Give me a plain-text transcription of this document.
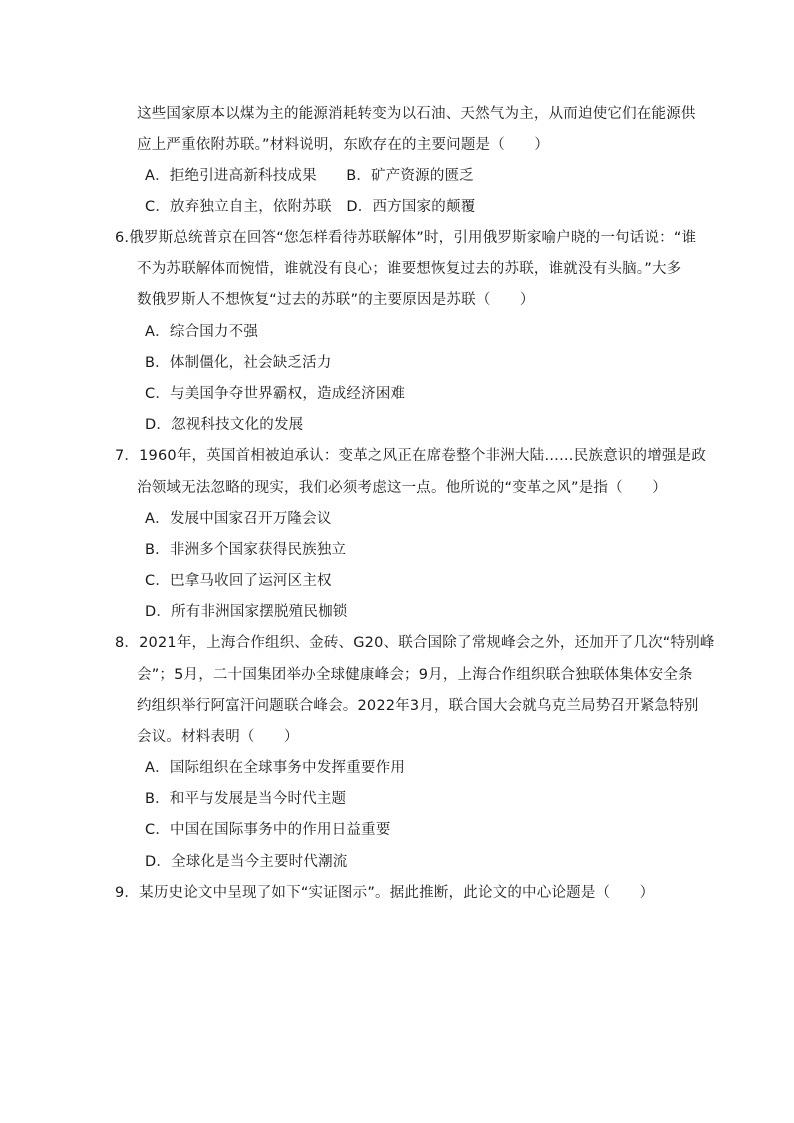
这些国家原本以煤为主的能源消耗转变为以石油、天然气为主，从而迫使它们在能源供
应上严重依附苏联。”材料说明，东欧存在的主要问题是（　　）
A．拒绝引进高新科技成果　　B．矿产资源的匮乏
C．放弃独立自主，依附苏联　D．西方国家的颠覆
6.俄罗斯总统普京在回答“您怎样看待苏联解体”时，引用俄罗斯家喻户晓的一句话说：“谁
不为苏联解体而惋惜，谁就没有良心；谁要想恢复过去的苏联，谁就没有头脑。”大多
数俄罗斯人不想恢复“过去的苏联”的主要原因是苏联（　　）
A．综合国力不强
B．体制僵化，社会缺乏活力
C．与美国争夺世界霸权，造成经济困难
D．忽视科技文化的发展
7．1960年，英国首相被迫承认：变革之风正在席卷整个非洲大陆……民族意识的增强是政
治领域无法忽略的现实，我们必须考虑这一点。他所说的“变革之风”是指（　　）
A．发展中国家召开万隆会议
B．非洲多个国家获得民族独立
C．巴拿马收回了运河区主权
D．所有非洲国家摆脱殖民枷锁
8．2021年，上海合作组织、金砖、G20、联合国除了常规峰会之外，还加开了几次“特别峰
会”；5月，二十国集团举办全球健康峰会；9月，上海合作组织联合独联体集体安全条
约组织举行阿富汗问题联合峰会。2022年3月，联合国大会就乌克兰局势召开紧急特别
会议。材料表明（　　）
A．国际组织在全球事务中发挥重要作用
B．和平与发展是当今时代主题
C．中国在国际事务中的作用日益重要
D．全球化是当今主要时代潮流
9．某历史论文中呈现了如下“实证图示”。据此推断，此论文的中心论题是（　　）
